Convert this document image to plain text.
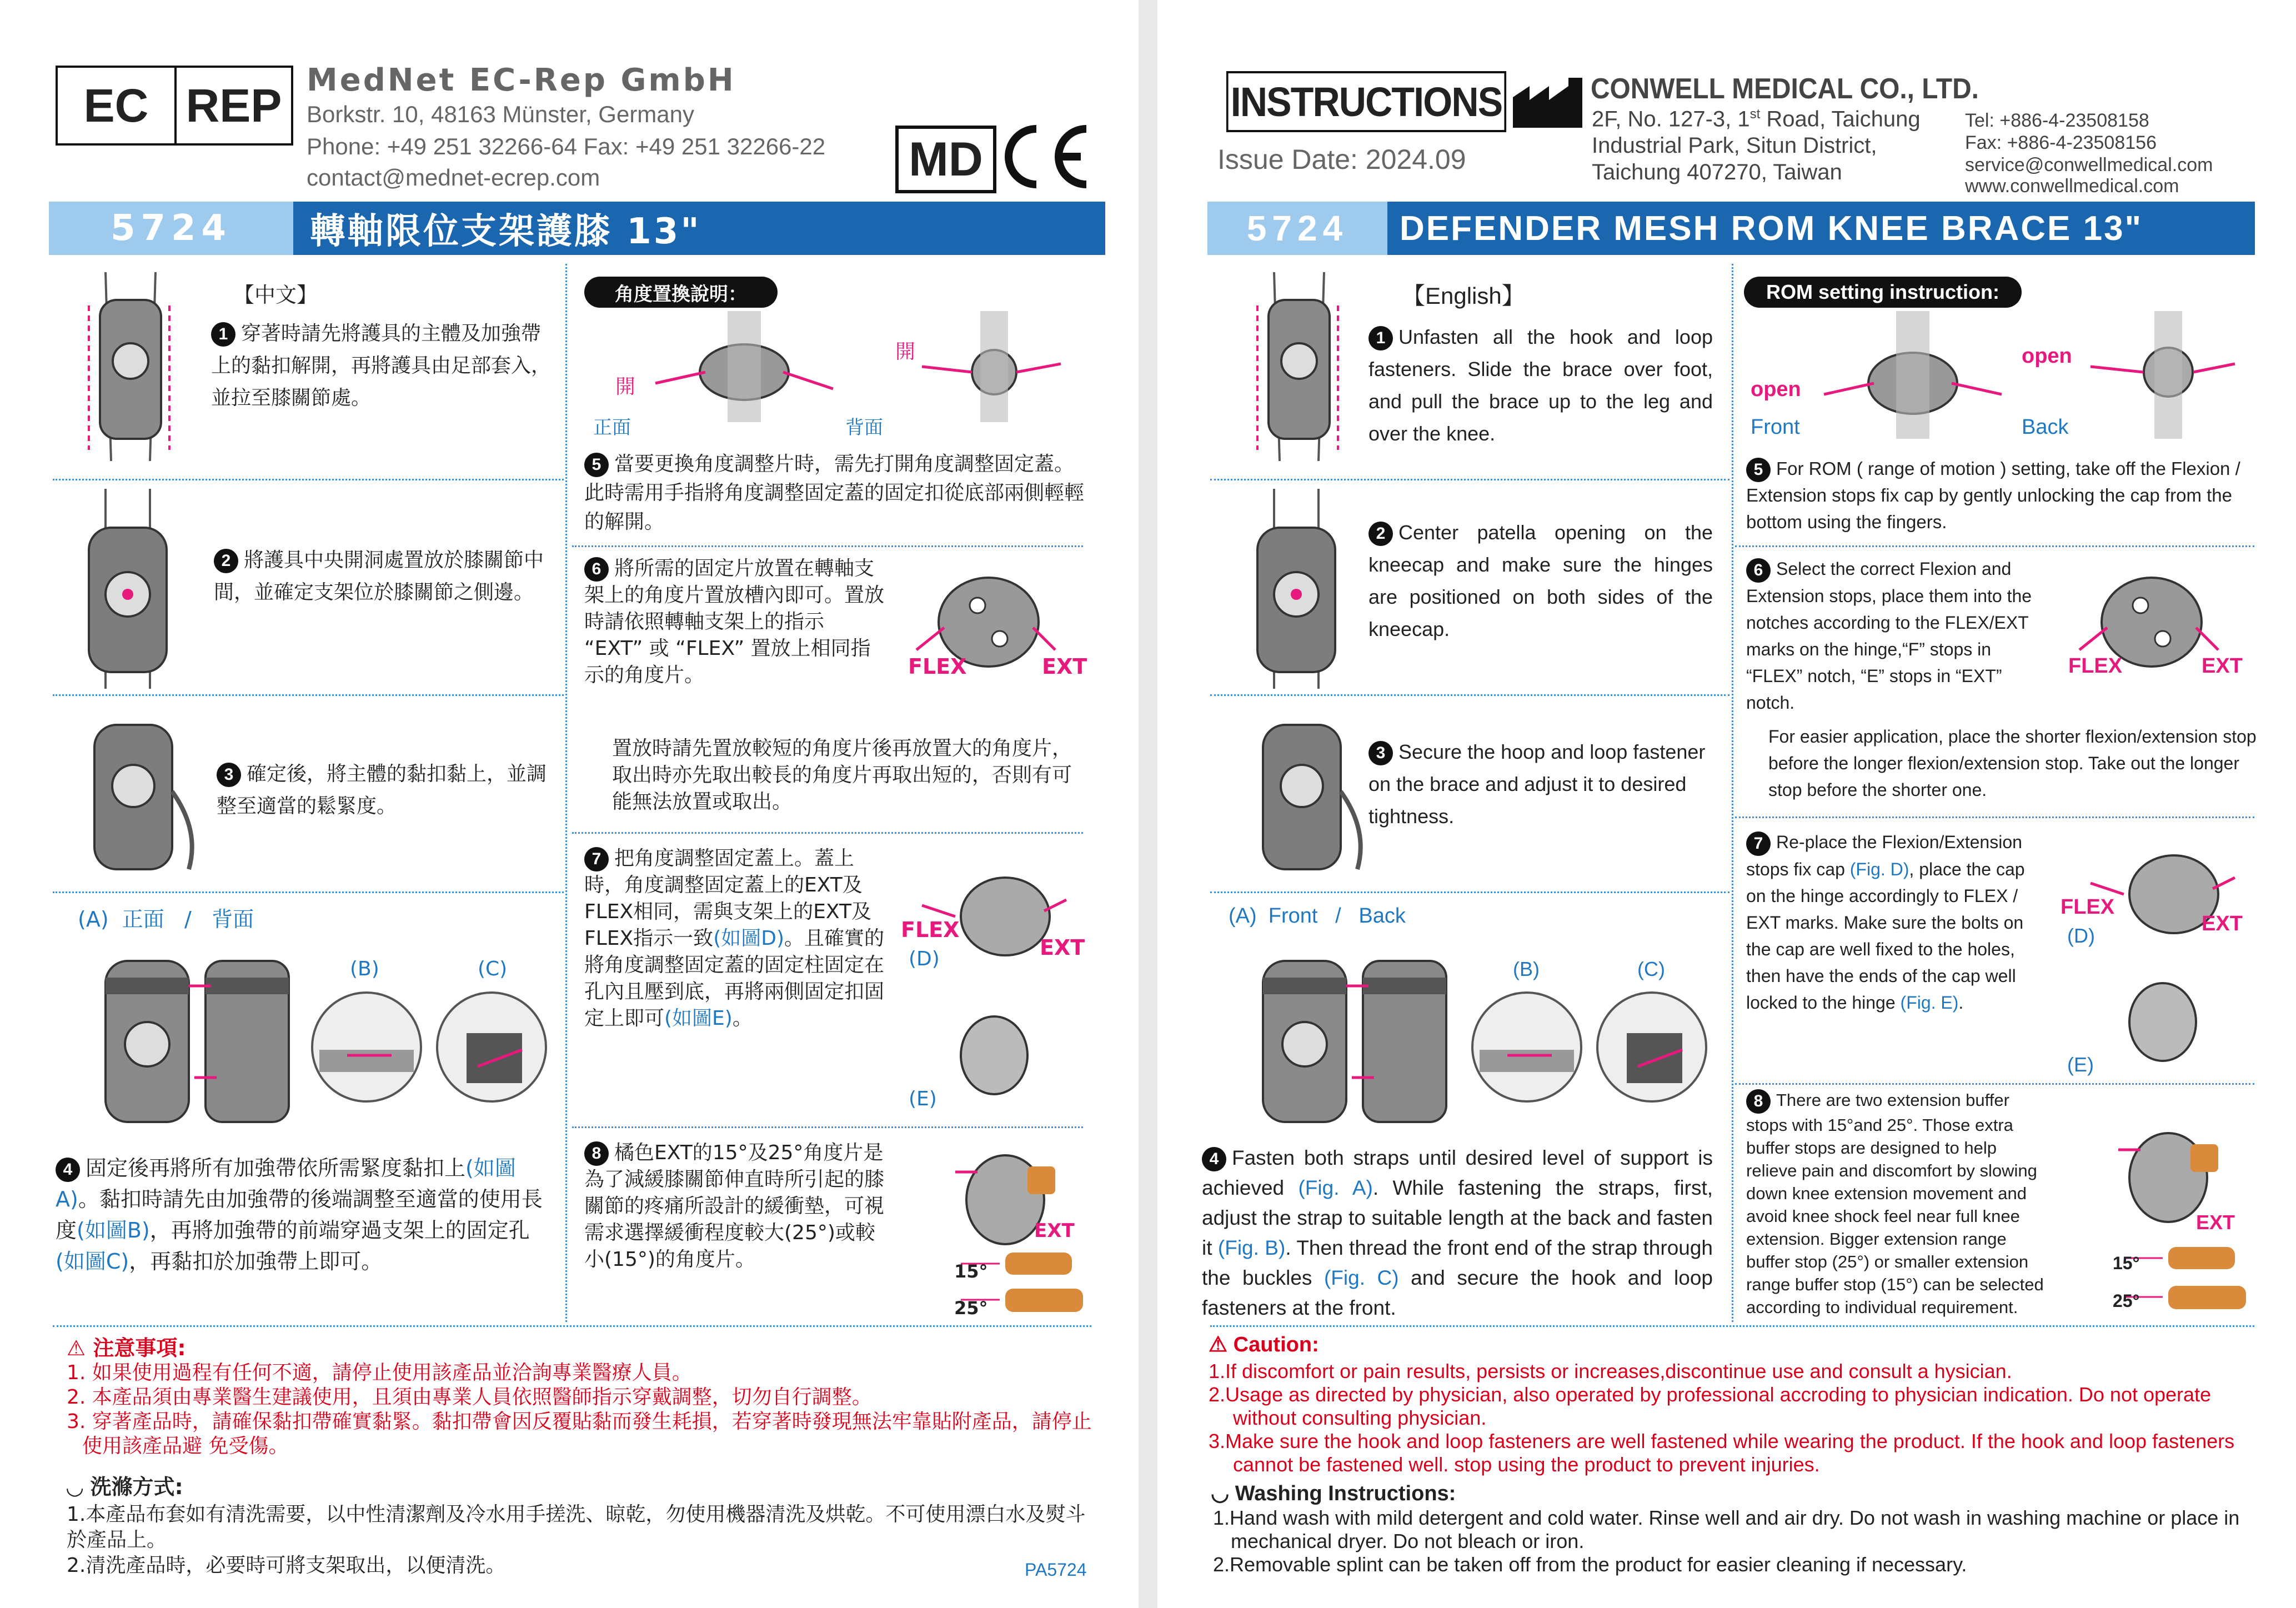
EC REP MedNet EC-Rep GmbH
Borkstr. 10, 48163 Münster, Germany
Phone: +49 251 32266-64 Fax: +49 251 32266-22
contact@mednet-ecrep.com	MD
5724	轉軸限位支架護膝 13"
【中文】
1 穿著時請先將護具的主體及加強帶上的黏扣解開，再將護具由足部套入，並拉至膝關節處。
2 將護具中央開洞處置放於膝關節中間，並確定支架位於膝關節之側邊。
3 確定後，將主體的黏扣黏上，並調整至適當的鬆緊度。
(A)  正面   /   背面
(B)	(C)
4 固定後再將所有加強帶依所需緊度黏扣上(如圖A)。黏扣時請先由加強帶的後端調整至適當的使用長度(如圖B)，再將加強帶的前端穿過支架上的固定孔(如圖C)，再黏扣於加強帶上即可。
角度置換說明：
開
開
正面	背面
5 當要更換角度調整片時，需先打開角度調整固定蓋。此時需用手指將角度調整固定蓋的固定扣從底部兩側輕輕的解開。
6 將所需的固定片放置在轉軸支架上的角度片置放槽內即可。置放時請依照轉軸支架上的指示 “EXT” 或 “FLEX” 置放上相同指示的角度片。	FLEX	EXT
置放時請先置放較短的角度片後再放置大的角度片，取出時亦先取出較長的角度片再取出短的，否則有可能無法放置或取出。
7 把角度調整固定蓋上。蓋上時，角度調整固定蓋上的EXT及FLEX相同，需與支架上的EXT及FLEX指示一致(如圖D)。且確實的將角度調整固定蓋的固定柱固定在孔內且壓到底，再將兩側固定扣固定上即可(如圖E)。
FLEX
EXT
(D)
(E)
8 橘色EXT的15°及25°角度片是為了減緩膝關節伸直時所引起的膝關節的疼痛所設計的緩衝墊，可視需求選擇緩衝程度較大(25°)或較小(15°)的角度片。
EXT
15°
25°
⚠ 注意事項:
1. 如果使用過程有任何不適，請停止使用該產品並洽詢專業醫療人員。
2. 本產品須由專業醫生建議使用，且須由專業人員依照醫師指示穿戴調整，切勿自行調整。
3. 穿著產品時，請確保黏扣帶確實黏緊。黏扣帶會因反覆貼黏而發生耗損，若穿著時發現無法牢靠貼附產品，請停止使用該產品避 免受傷。
◡ 洗滌方式:
1.本產品布套如有清洗需要，以中性清潔劑及冷水用手搓洗、晾乾，勿使用機器清洗及烘乾。不可使用漂白水及熨斗於產品上。
2.清洗產品時，必要時可將支架取出，以便清洗。	PA5724
INSTRUCTIONS
Issue Date: 2024.09
CONWELL MEDICAL CO., LTD.
2F, No. 127-3, 1st Road, Taichung
Industrial Park, Situn District,
Taichung 407270, Taiwan
Tel: +886-4-23508158
Fax: +886-4-23508156
service@conwellmedical.com
www.conwellmedical.com
5724	DEFENDER MESH ROM KNEE BRACE 13"
【English】
1 Unfasten all the hook and loop fasteners. Slide the brace over foot, and pull the brace up to the leg and over the knee.
2 Center patella opening on the kneecap and make sure the hinges are positioned on both sides of the kneecap.
3 Secure the hoop and loop fastener on the brace and adjust it to desired tightness.
(A)  Front   /   Back
(B)	(C)
4 Fasten both straps until desired level of support is achieved (Fig. A). While fastening the straps, first, adjust the strap to suitable length at the back and fasten it (Fig. B). Then thread the front end of the strap through the buckles (Fig. C) and secure the hook and loop fasteners at the front.
ROM setting instruction:
open
open
Front	Back
5 For ROM ( range of motion ) setting, take off the Flexion / Extension stops fix cap by gently unlocking the cap from the bottom using the fingers.
6 Select the correct Flexion and Extension stops, place them into the notches according to the FLEX/EXT marks on the hinge,“F” stops in “FLEX” notch, “E” stops in “EXT” notch.
FLEX	EXT
For easier application, place the shorter flexion/extension stop before the longer flexion/extension stop. Take out the longer stop before the shorter one.
7 Re-place the Flexion/Extension stops fix cap (Fig. D), place the cap on the hinge accordingly to FLEX / EXT marks. Make sure the bolts on the cap are well fixed to the holes, then have the ends of the cap well locked to the hinge (Fig. E).
FLEX
EXT
(D)
(E)
8 There are two extension buffer stops with 15°and 25°. Those extra buffer stops are designed to help relieve pain and discomfort by slowing down knee extension movement and avoid knee shock feel near full knee extension. Bigger extension range buffer stop (25°) or smaller extension range buffer stop (15°) can be selected according to individual requirement.
EXT
15°
25°
⚠ Caution:
1.If discomfort or pain results, persists or increases,discontinue use and consult a hysician.
2.Usage as directed by physician, also operated by professional accroding to physician indication. Do not operate without consulting physician.
3.Make sure the hook and loop fasteners are well fastened while wearing the product. If the hook and loop fasteners cannot be fastened well. stop using the product to prevent injuries.
◡ Washing Instructions:
1.Hand wash with mild detergent and cold water. Rinse well and air dry. Do not wash in washing machine or place in mechanical dryer. Do not bleach or iron.
2.Removable splint can be taken off from the product for easier cleaning if necessary.
